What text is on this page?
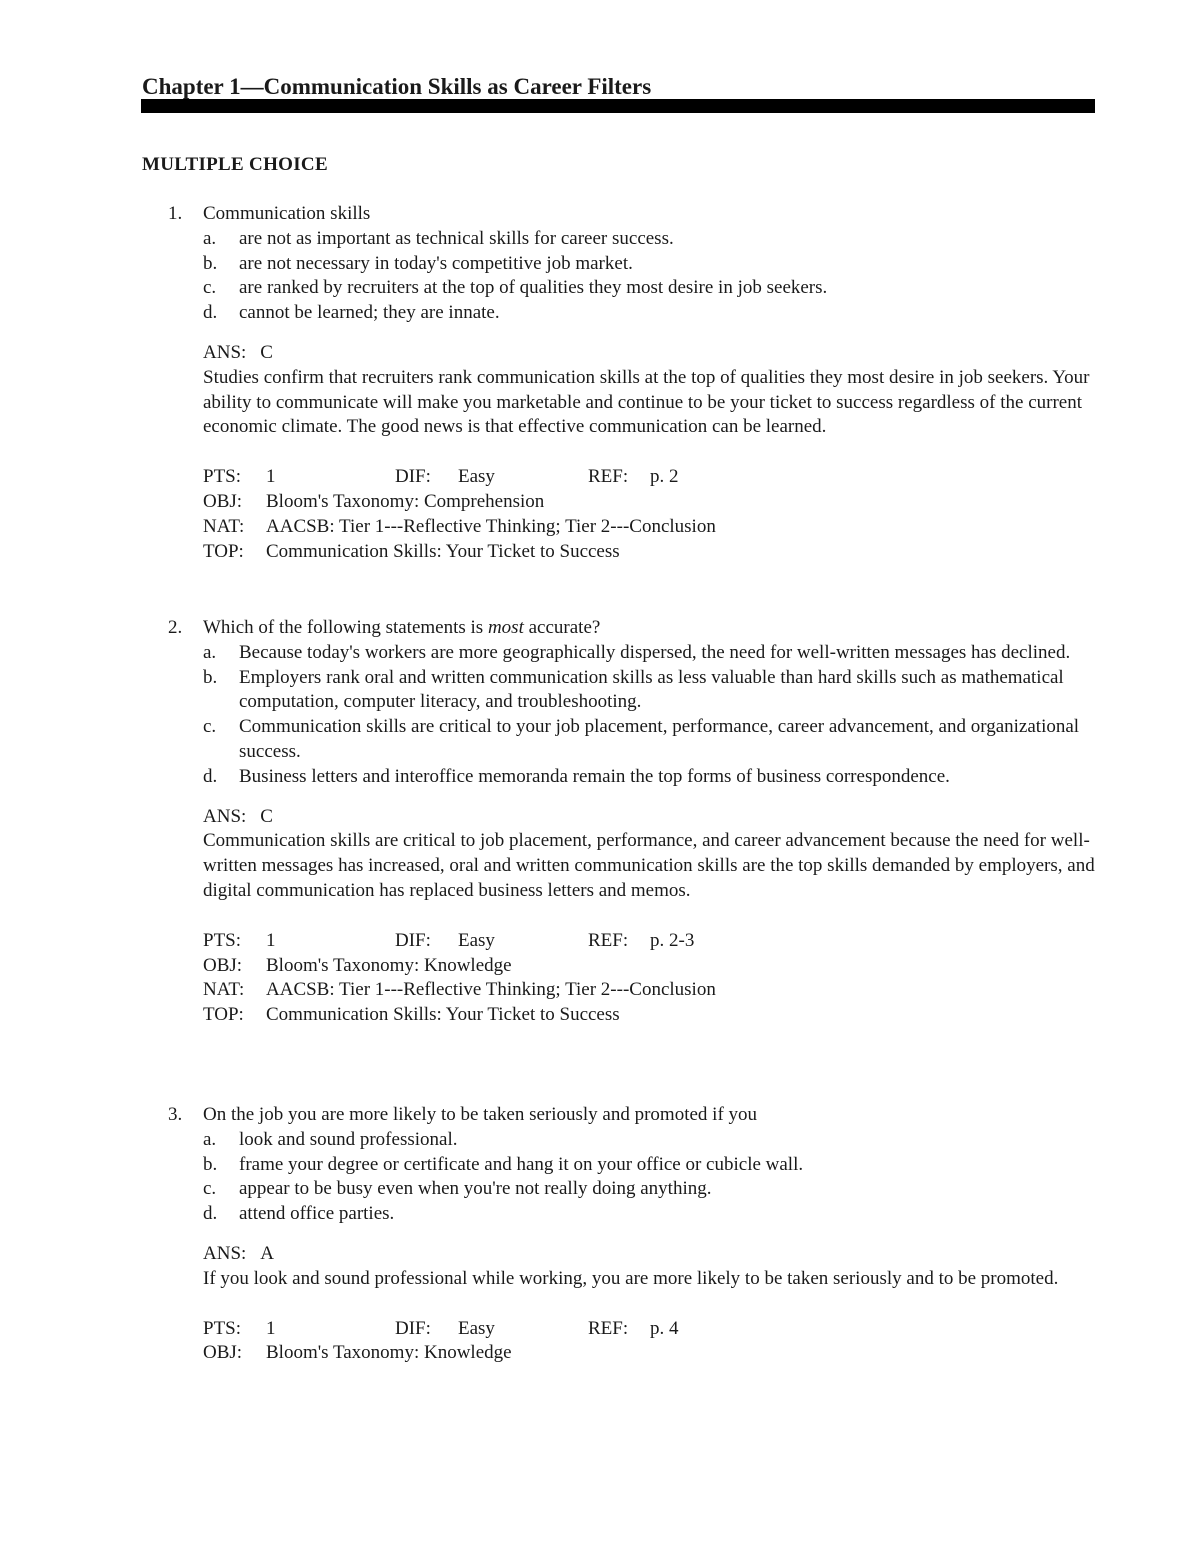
Chapter 1—Communication Skills as Career Filters
MULTIPLE CHOICE
1. Communication skills
a. are not as important as technical skills for career success.
b. are not necessary in today's competitive job market.
c. are ranked by recruiters at the top of qualities they most desire in job seekers.
d. cannot be learned; they are innate.
ANS: C
Studies confirm that recruiters rank communication skills at the top of qualities they most desire in job seekers. Your ability to communicate will make you marketable and continue to be your ticket to success regardless of the current economic climate. The good news is that effective communication can be learned.
PTS: 1	DIF: Easy	REF: p. 2
OBJ: Bloom's Taxonomy: Comprehension
NAT: AACSB: Tier 1---Reflective Thinking; Tier 2---Conclusion
TOP: Communication Skills: Your Ticket to Success
2. Which of the following statements is most accurate?
a. Because today's workers are more geographically dispersed, the need for well-written messages has declined.
b. Employers rank oral and written communication skills as less valuable than hard skills such as mathematical computation, computer literacy, and troubleshooting.
c. Communication skills are critical to your job placement, performance, career advancement, and organizational success.
d. Business letters and interoffice memoranda remain the top forms of business correspondence.
ANS: C
Communication skills are critical to job placement, performance, and career advancement because the need for well-written messages has increased, oral and written communication skills are the top skills demanded by employers, and digital communication has replaced business letters and memos.
PTS: 1	DIF: Easy	REF: p. 2-3
OBJ: Bloom's Taxonomy: Knowledge
NAT: AACSB: Tier 1---Reflective Thinking; Tier 2---Conclusion
TOP: Communication Skills: Your Ticket to Success
3. On the job you are more likely to be taken seriously and promoted if you
a. look and sound professional.
b. frame your degree or certificate and hang it on your office or cubicle wall.
c. appear to be busy even when you're not really doing anything.
d. attend office parties.
ANS: A
If you look and sound professional while working, you are more likely to be taken seriously and to be promoted.
PTS: 1	DIF: Easy	REF: p. 4
OBJ: Bloom's Taxonomy: Knowledge
